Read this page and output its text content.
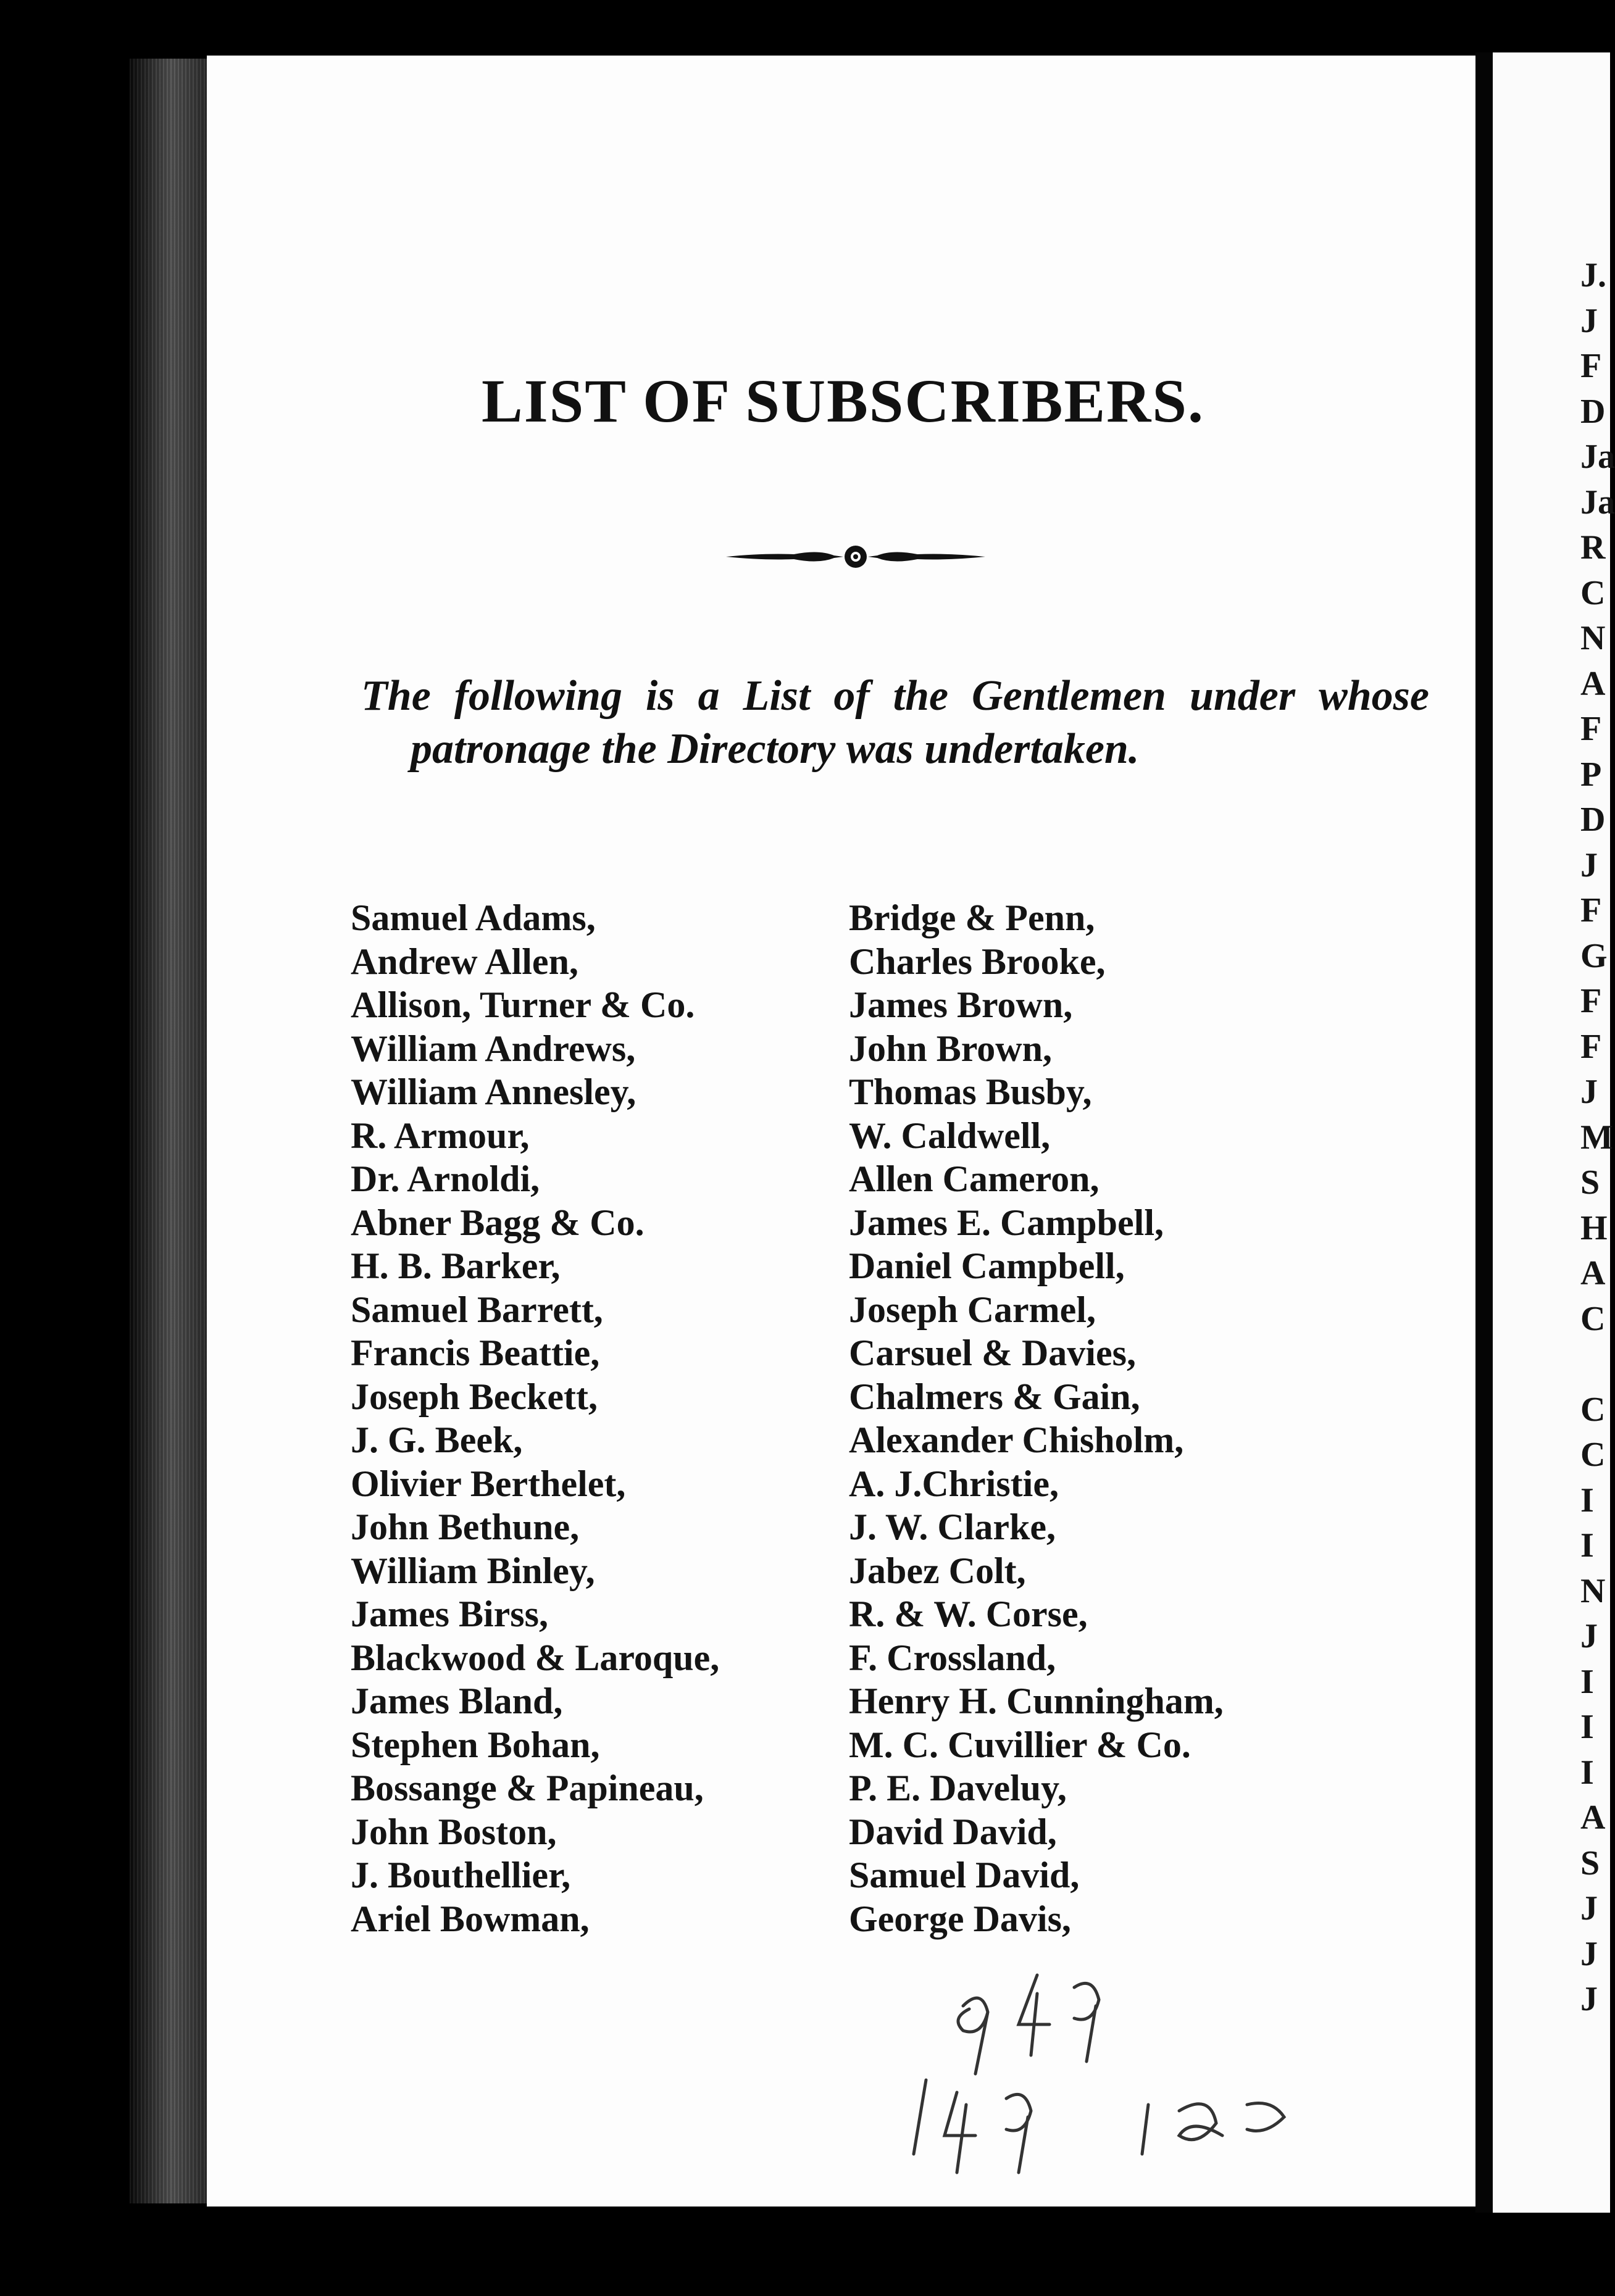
LIST OF SUBSCRIBERS.
The following is a List of the Gentlemen under whose patronage the Directory was undertaken.
Samuel Adams,
Andrew Allen,
Allison, Turner & Co.
William Andrews,
William Annesley,
R. Armour,
Dr. Arnoldi,
Abner Bagg & Co.
H. B. Barker,
Samuel Barrett,
Francis Beattie,
Joseph Beckett,
J. G. Beek,
Olivier Berthelet,
John Bethune,
William Binley,
James Birss,
Blackwood & Laroque,
James Bland,
Stephen Bohan,
Bossange & Papineau,
John Boston,
J. Bouthellier,
Ariel Bowman,
Bridge & Penn,
Charles Brooke,
James Brown,
John Brown,
Thomas Busby,
W. Caldwell,
Allen Cameron,
James E. Campbell,
Daniel Campbell,
Joseph Carmel,
Carsuel & Davies,
Chalmers & Gain,
Alexander Chisholm,
A. J.Christie,
J. W. Clarke,
Jabez Colt,
R. & W. Corse,
F. Crossland,
Henry H. Cunningham,
M. C. Cuvillier & Co.
P. E. Daveluy,
David David,
Samuel David,
George Davis,
J.
J
F
D
Ja
Ja
R
C
N
A
F
P
D
J
F
G
F
F
J
M
S
H
A
C
C
C
I
I
N
J
I
I
I
A
S
J
J
J
